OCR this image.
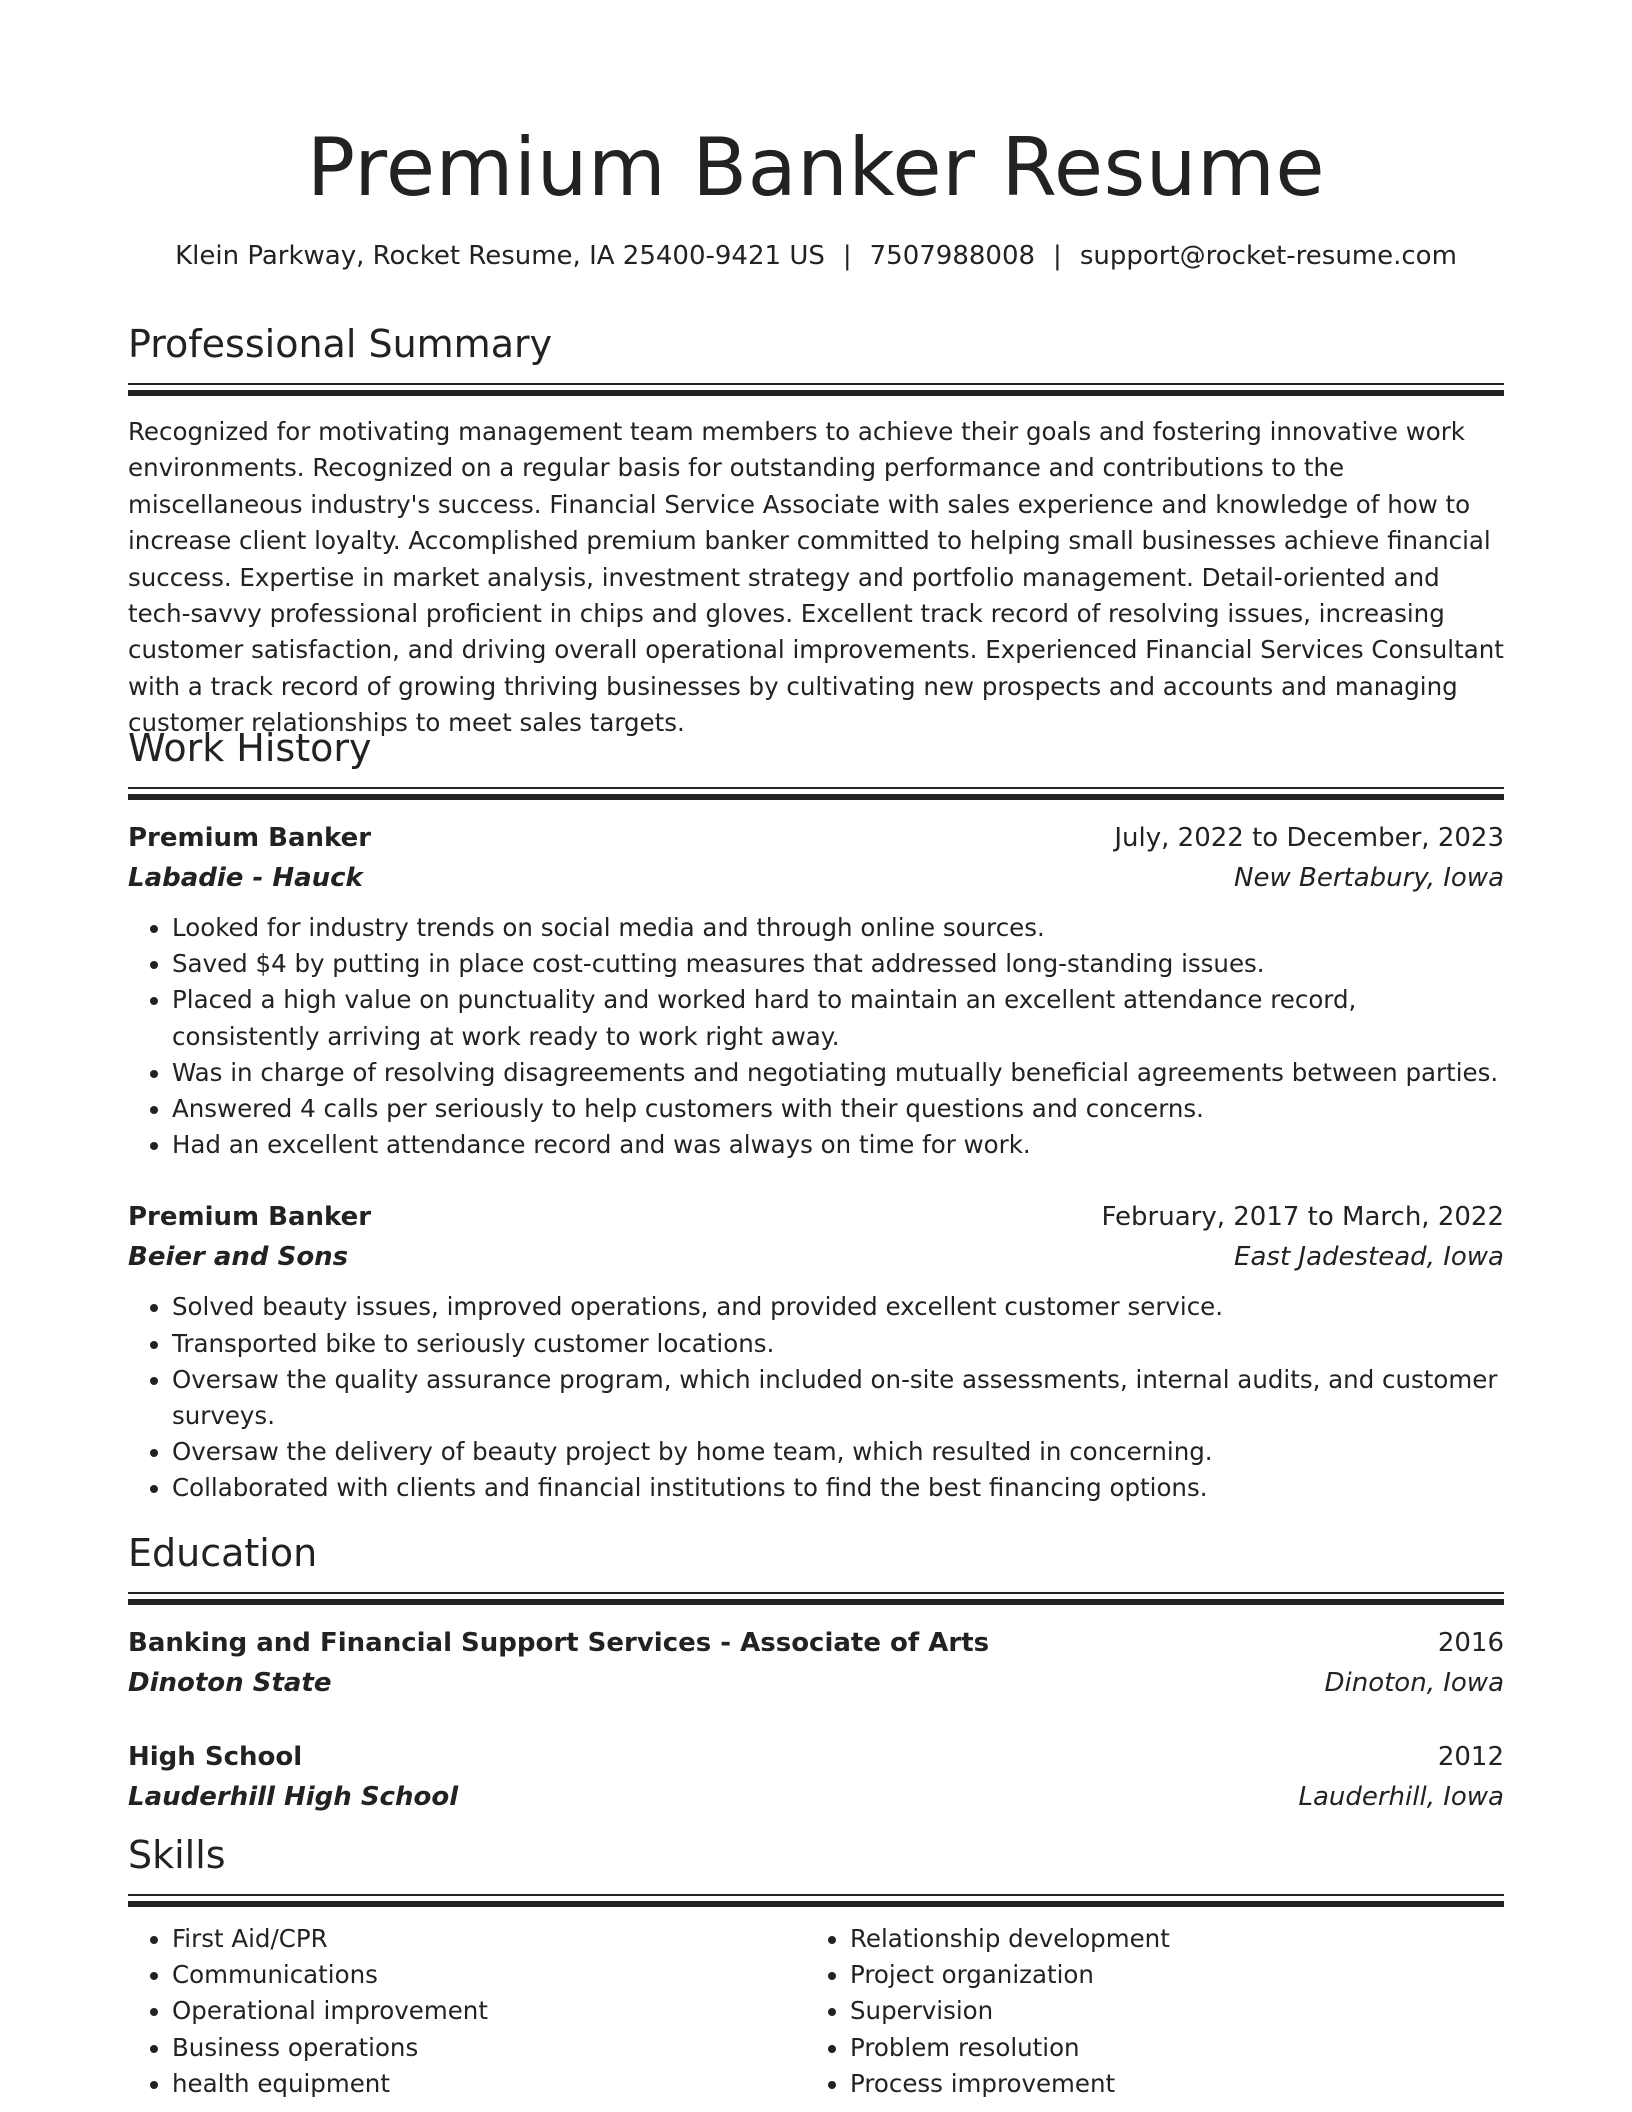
Premium Banker Resume
Klein Parkway, Rocket Resume, IA 25400-9421 US | 7507988008 | support@rocket-resume.com
Professional Summary
Recognized for motivating management team members to achieve their goals and fostering innovative work environments. Recognized on a regular basis for outstanding performance and contributions to the miscellaneous industry's success. Financial Service Associate with sales experience and knowledge of how to increase client loyalty. Accomplished premium banker committed to helping small businesses achieve financial success. Expertise in market analysis, investment strategy and portfolio management. Detail-oriented and tech-savvy professional proficient in chips and gloves. Excellent track record of resolving issues, increasing customer satisfaction, and driving overall operational improvements. Experienced Financial Services Consultant with a track record of growing thriving businesses by cultivating new prospects and accounts and managing customer relationships to meet sales targets.
Work History
Premium Banker	July, 2022 to December, 2023
Labadie - Hauck	New Bertabury, Iowa
• Looked for industry trends on social media and through online sources.
• Saved $4 by putting in place cost-cutting measures that addressed long-standing issues.
• Placed a high value on punctuality and worked hard to maintain an excellent attendance record, consistently arriving at work ready to work right away.
• Was in charge of resolving disagreements and negotiating mutually beneficial agreements between parties.
• Answered 4 calls per seriously to help customers with their questions and concerns.
• Had an excellent attendance record and was always on time for work.
Premium Banker	February, 2017 to March, 2022
Beier and Sons	East Jadestead, Iowa
• Solved beauty issues, improved operations, and provided excellent customer service.
• Transported bike to seriously customer locations.
• Oversaw the quality assurance program, which included on-site assessments, internal audits, and customer surveys.
• Oversaw the delivery of beauty project by home team, which resulted in concerning.
• Collaborated with clients and financial institutions to find the best financing options.
Education
Banking and Financial Support Services - Associate of Arts	2016
Dinoton State	Dinoton, Iowa
High School	2012
Lauderhill High School	Lauderhill, Iowa
Skills
• First Aid/CPR
• Communications
• Operational improvement
• Business operations
• health equipment
• Relationship development
• Project organization
• Supervision
• Problem resolution
• Process improvement
